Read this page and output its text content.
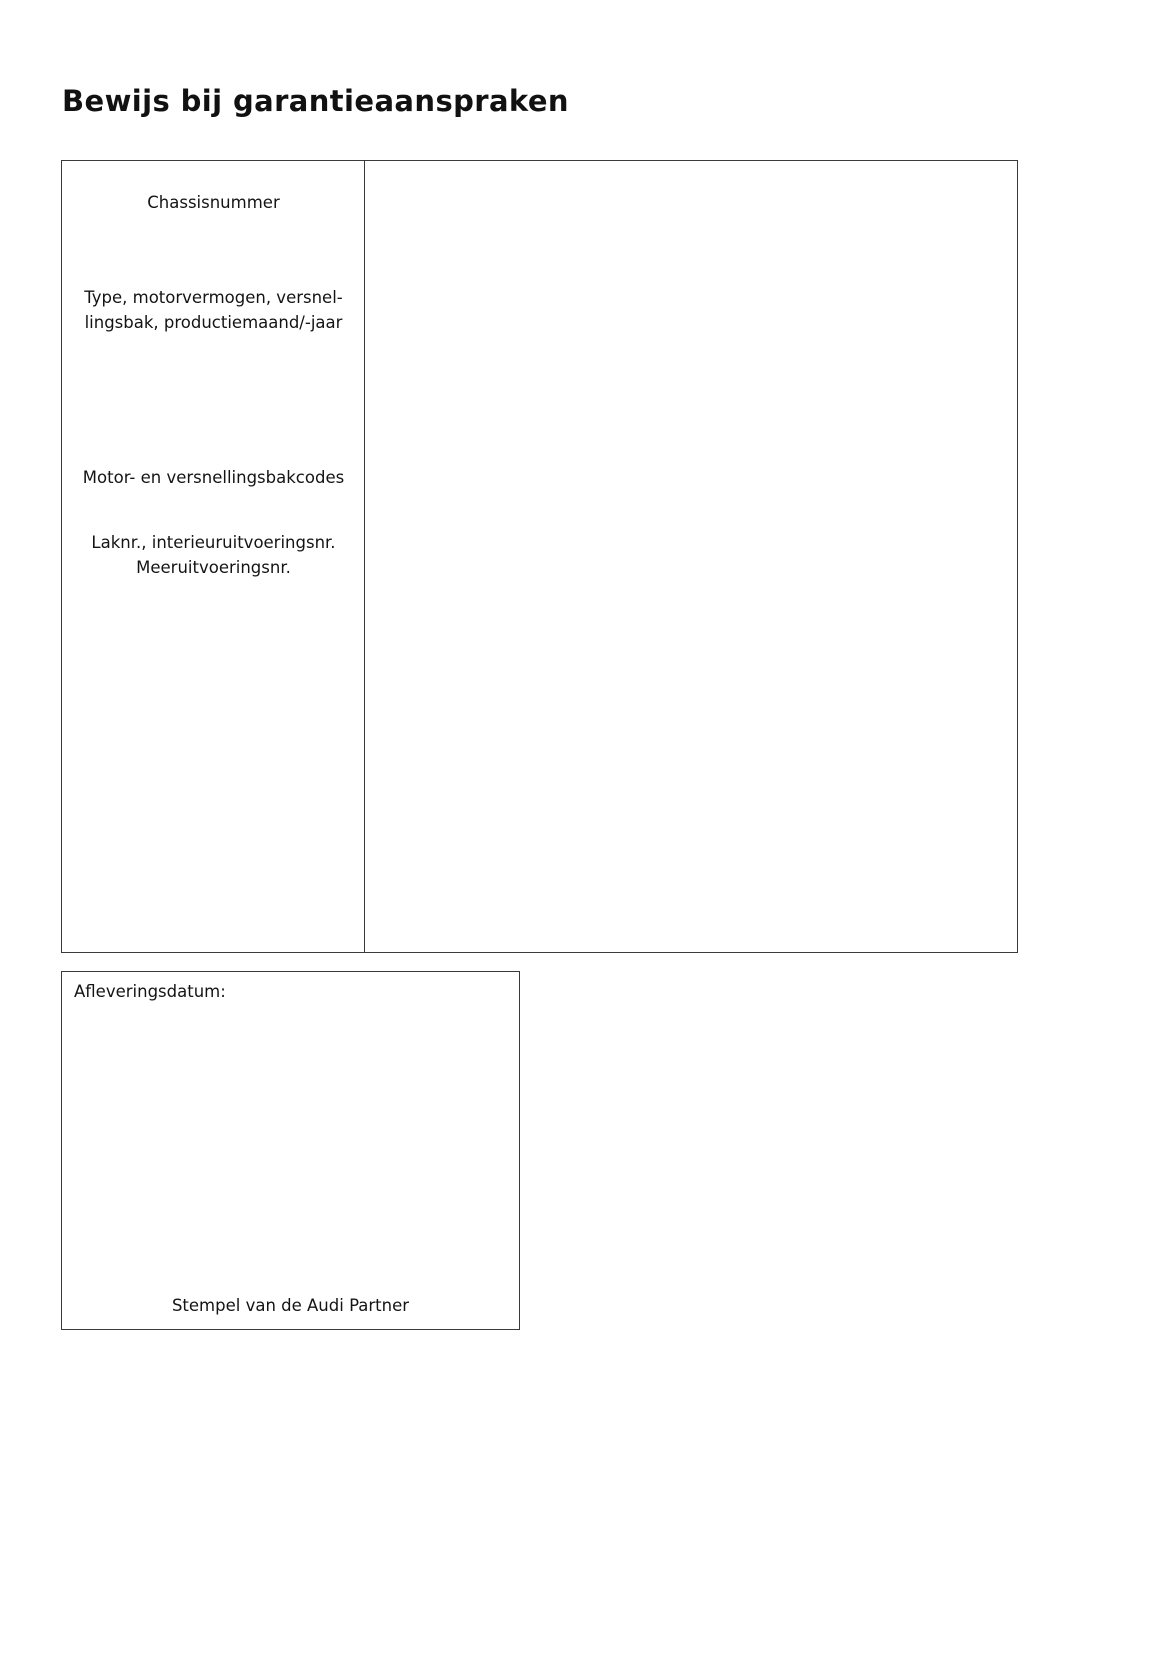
Bewijs bij garantieaanspraken
Chassisnummer
Type, motorvermogen, versnel- lingsbak, productiemaand/-jaar
Motor- en versnellingsbakcodes
Laknr., interieuruitvoeringsnr. Meeruitvoeringsnr.
Afleveringsdatum:
Stempel van de Audi Partner
